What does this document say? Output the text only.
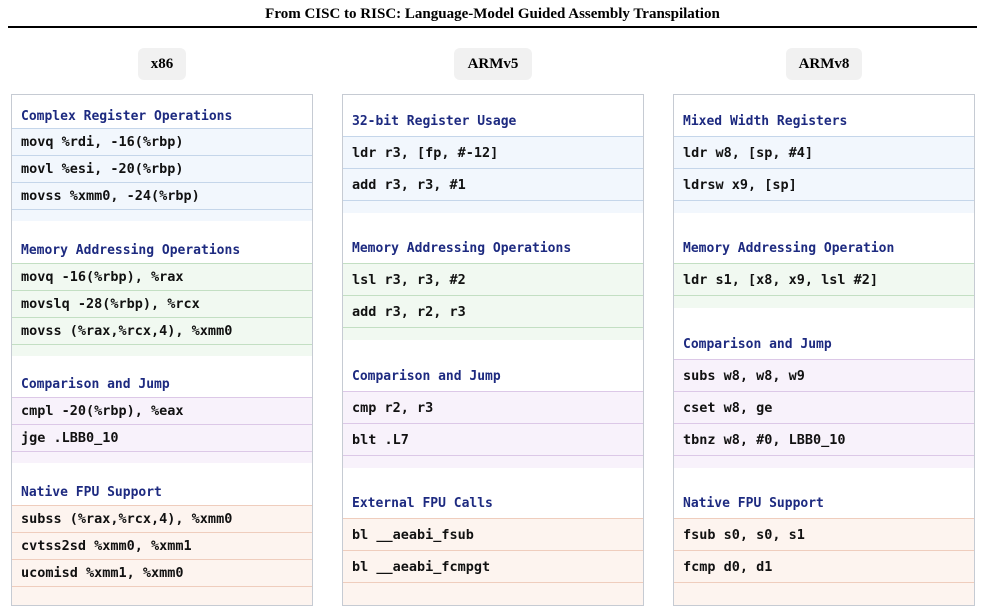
From CISC to RISC: Language-Model Guided Assembly Transpilation
x86	ARMv5	ARMv8
Complex Register Operations
movq %rdi, -16(%rbp)
movl %esi, -20(%rbp)
movss %xmm0, -24(%rbp)
Memory Addressing Operations
movq -16(%rbp), %rax
movslq -28(%rbp), %rcx
movss (%rax,%rcx,4), %xmm0
Comparison and Jump
cmpl -20(%rbp), %eax
jge .LBB0_10
Native FPU Support
subss (%rax,%rcx,4), %xmm0
cvtss2sd %xmm0, %xmm1
ucomisd %xmm1, %xmm0
32-bit Register Usage
ldr r3, [fp, #-12]
add r3, r3, #1
Memory Addressing Operations
lsl r3, r3, #2
add r3, r2, r3
Comparison and Jump
cmp r2, r3
blt .L7
External FPU Calls
bl __aeabi_fsub
bl __aeabi_fcmpgt
Mixed Width Registers
ldr w8, [sp, #4]
ldrsw x9, [sp]
Memory Addressing Operation
ldr s1, [x8, x9, lsl #2]
Comparison and Jump
subs w8, w8, w9
cset w8, ge
tbnz w8, #0, LBB0_10
Native FPU Support
fsub s0, s0, s1
fcmp d0, d1
